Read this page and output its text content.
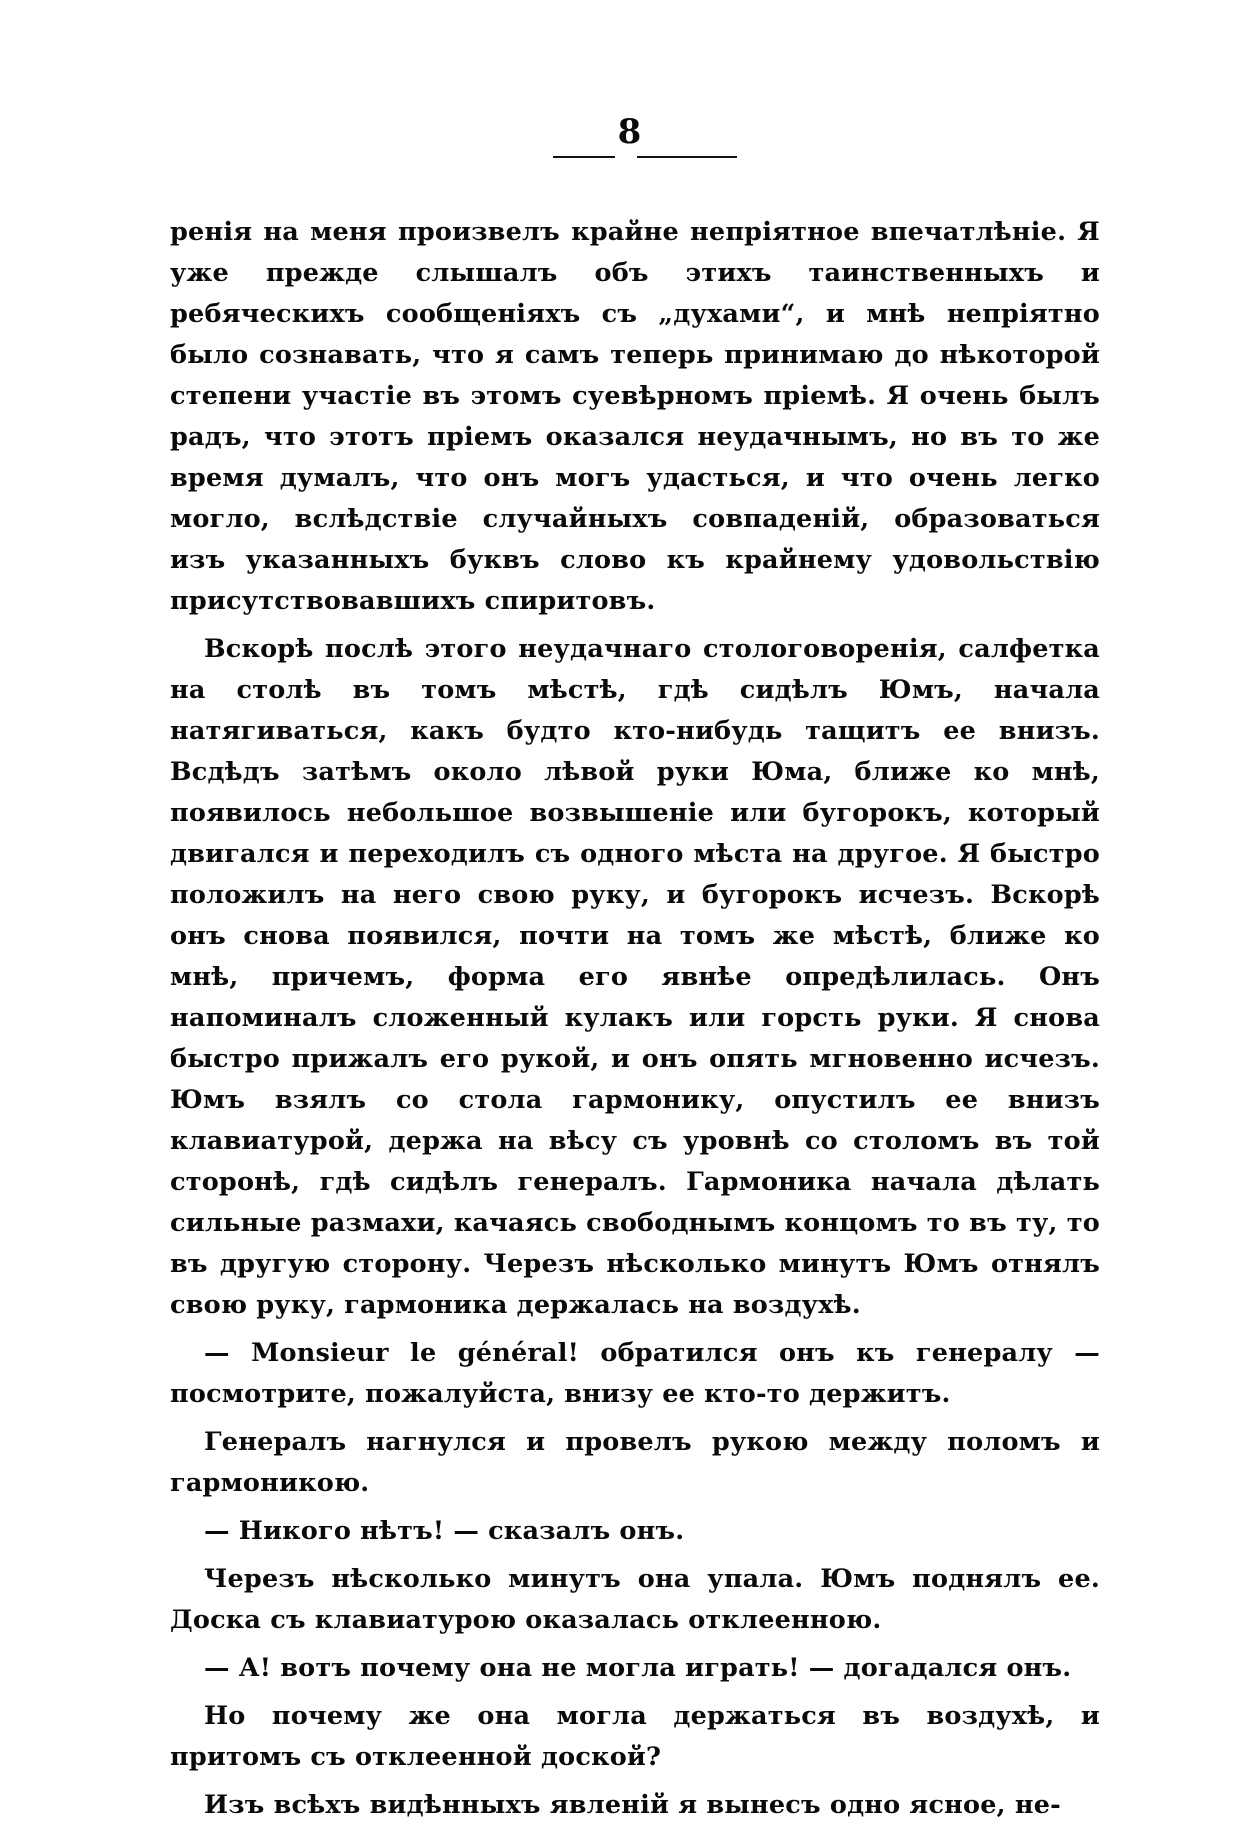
8

ренія на меня произвелъ крайне непріятное впечатлѣніе. Я уже прежде слышалъ объ этихъ таинственныхъ и ребяческихъ сообщеніяхъ съ „духами“, и мнѣ непріятно было сознавать, что я самъ теперь принимаю до нѣкоторой степени участіе въ этомъ суевѣрномъ пріемѣ. Я очень былъ радъ, что этотъ пріемъ оказался неудачнымъ, но въ то же время думалъ, что онъ могъ удасться, и что очень легко могло, вслѣдствіе случайныхъ совпаденій, образоваться изъ указанныхъ буквъ слово къ крайнему удовольствію присутствовавшихъ спиритовъ.

Вскорѣ послѣ этого неудачнаго стологоворенія, салфетка на столѣ въ томъ мѣстѣ, гдѣ сидѣлъ Юмъ, начала натягиваться, какъ будто кто-нибудь тащитъ ее внизъ. Всдѣдъ затѣмъ около лѣвой руки Юма, ближе ко мнѣ, появилось небольшое возвышеніе или бугорокъ, который двигался и переходилъ съ одного мѣста на другое. Я быстро положилъ на него свою руку, и бугорокъ исчезъ. Вскорѣ онъ снова появился, почти на томъ же мѣстѣ, ближе ко мнѣ, причемъ, форма его явнѣе опредѣлилась. Онъ напоминалъ сложенный кулакъ или горсть руки. Я снова быстро прижалъ его рукой, и онъ опять мгновенно исчезъ. Юмъ взялъ со стола гармонику, опустилъ ее внизъ клавиатурой, держа на вѣсу съ уровнѣ со столомъ въ той сторонѣ, гдѣ сидѣлъ генералъ. Гармоника начала дѣлать сильные размахи, качаясь свободнымъ концомъ то въ ту, то въ другую сторону. Черезъ нѣсколько минутъ Юмъ отнялъ свою руку, гармоника держалась на воздухѣ.

— Monsieur le général! обратился онъ къ генералу — посмотрите, пожалуйста, внизу ее кто-то держитъ.

Генералъ нагнулся и провелъ рукою между поломъ и гармоникою.

— Никого нѣтъ! — сказалъ онъ.

Черезъ нѣсколько минутъ она упала. Юмъ поднялъ ее. Доска съ клавиатурою оказалась отклеенною.

— А! вотъ почему она не могла играть! — догадался онъ.

Но почему же она могла держаться въ воздухѣ, и притомъ съ отклеенной доской?

Изъ всѣхъ видѣнныхъ явленій я вынесъ одно ясное, не-
